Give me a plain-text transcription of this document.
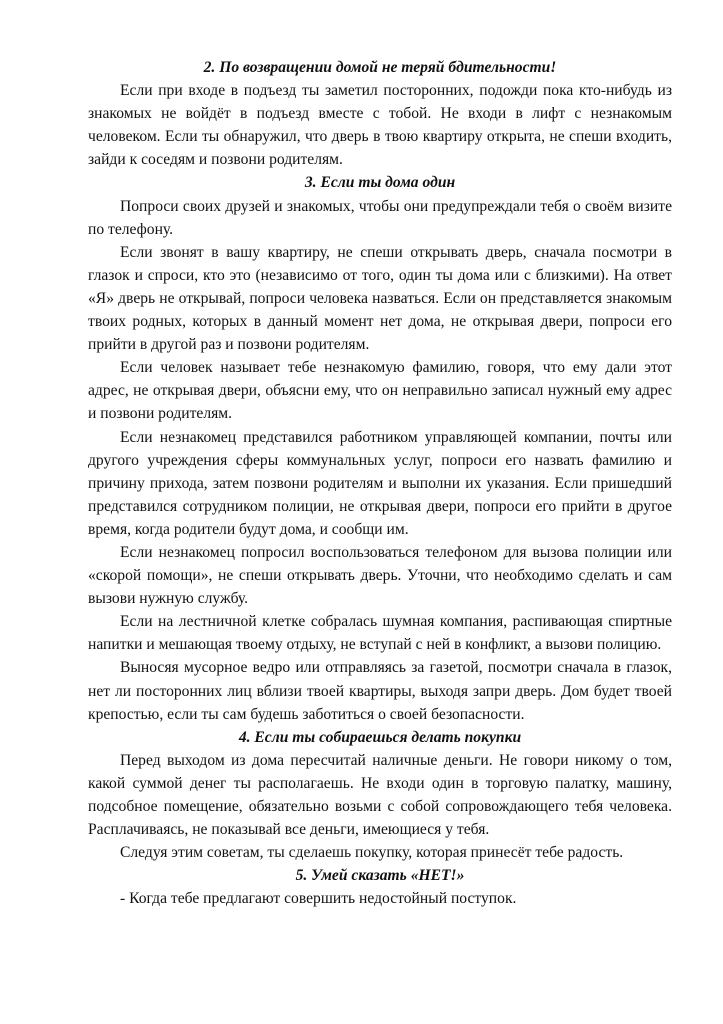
2. По возвращении домой не теряй бдительности!

Если при входе в подъезд ты заметил посторонних, подожди пока кто-нибудь из знакомых не войдёт в подъезд вместе с тобой. Не входи в лифт с незнакомым человеком. Если ты обнаружил, что дверь в твою квартиру открыта, не спеши входить, зайди к соседям и позвони родителям.

3. Если ты дома один

Попроси своих друзей и знакомых, чтобы они предупреждали тебя о своём визите по телефону.

Если звонят в вашу квартиру, не спеши открывать дверь, сначала посмотри в глазок и спроси, кто это (независимо от того, один ты дома или с близкими). На ответ «Я» дверь не открывай, попроси человека назваться. Если он представляется знакомым твоих родных, которых в данный момент нет дома, не открывая двери, попроси его прийти в другой раз и позвони родителям.

Если человек называет тебе незнакомую фамилию, говоря, что ему дали этот адрес, не открывая двери, объясни ему, что он неправильно записал нужный ему адрес и позвони родителям.

Если незнакомец представился работником управляющей компании, почты или другого учреждения сферы коммунальных услуг, попроси его назвать фамилию и причину прихода, затем позвони родителям и выполни их указания. Если пришедший представился сотрудником полиции, не открывая двери, попроси его прийти в другое время, когда родители будут дома, и сообщи им.

Если незнакомец попросил воспользоваться телефоном для вызова полиции или «скорой помощи», не спеши открывать дверь. Уточни, что необходимо сделать и сам вызови нужную службу.

Если на лестничной клетке собралась шумная компания, распивающая спиртные напитки и мешающая твоему отдыху, не вступай с ней в конфликт, а вызови полицию.

Выносяя мусорное ведро или отправляясь за газетой, посмотри сначала в глазок, нет ли посторонних лиц вблизи твоей квартиры, выходя запри дверь. Дом будет твоей крепостью, если ты сам будешь заботиться о своей безопасности.

4. Если ты собираешься делать покупки

Перед выходом из дома пересчитай наличные деньги. Не говори никому о том, какой суммой денег ты располагаешь. Не входи один в торговую палатку, машину, подсобное помещение, обязательно возьми с собой сопровождающего тебя человека. Расплачиваясь, не показывай все деньги, имеющиеся у тебя.

Следуя этим советам, ты сделаешь покупку, которая принесёт тебе радость.

5. Умей сказать «НЕТ!»

- Когда тебе предлагают совершить недостойный поступок.
